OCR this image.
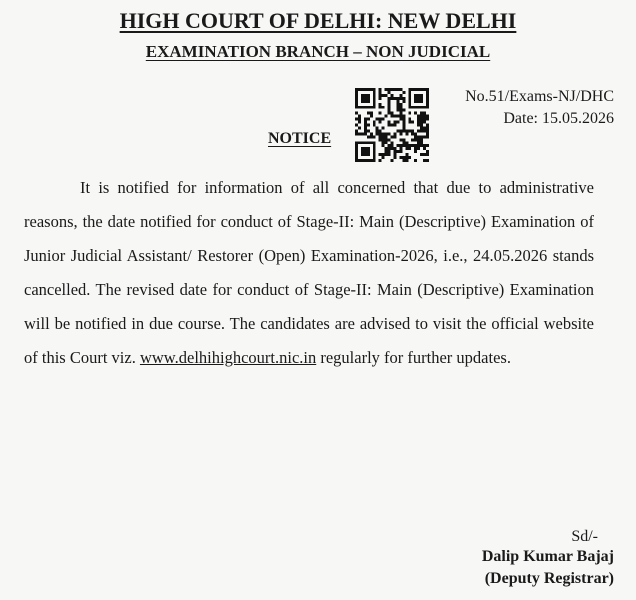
HIGH COURT OF DELHI: NEW DELHI
EXAMINATION BRANCH – NON JUDICIAL
No.51/Exams-NJ/DHC
Date: 15.05.2026
NOTICE

It is notified for information of all concerned that due to administrative reasons, the date notified for conduct of Stage-II: Main (Descriptive) Examination of Junior Judicial Assistant/ Restorer (Open) Examination-2026, i.e., 24.05.2026 stands cancelled. The revised date for conduct of Stage-II: Main (Descriptive) Examination will be notified in due course. The candidates are advised to visit the official website of this Court viz. www.delhihighcourt.nic.in regularly for further updates.

Sd/-
Dalip Kumar Bajaj
(Deputy Registrar)
